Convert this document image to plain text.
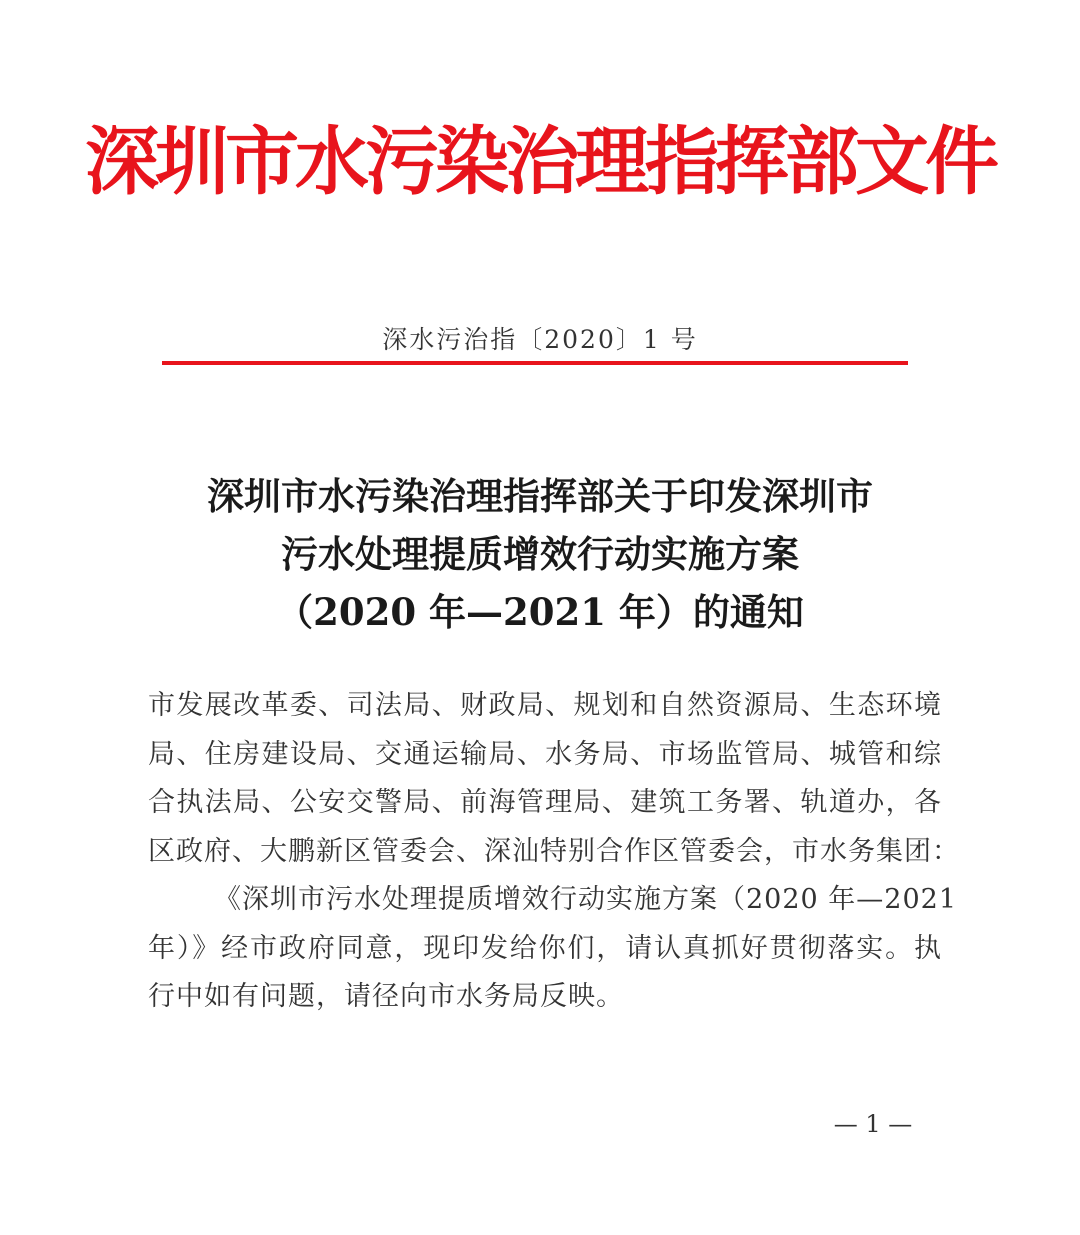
深圳市水污染治理指挥部文件
深水污治指〔2020〕1 号
深圳市水污染治理指挥部关于印发深圳市
污水处理提质增效行动实施方案
（2020 年—2021 年）的通知
市发展改革委、司法局、财政局、规划和自然资源局、生态环境
局、住房建设局、交通运输局、水务局、市场监管局、城管和综
合执法局、公安交警局、前海管理局、建筑工务署、轨道办，各
区政府、大鹏新区管委会、深汕特别合作区管委会，市水务集团：
《深圳市污水处理提质增效行动实施方案（2020 年—2021
年）》经市政府同意，现印发给你们，请认真抓好贯彻落实。执
行中如有问题，请径向市水务局反映。
— 1 —
